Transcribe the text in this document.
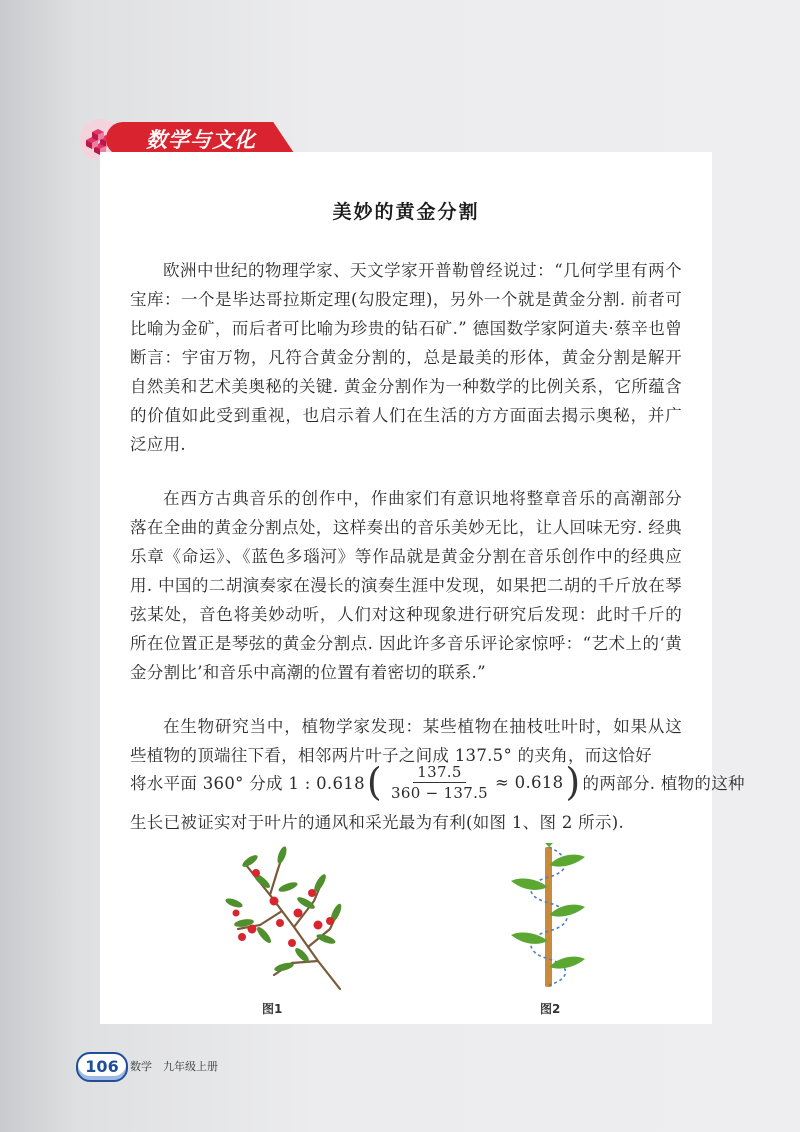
数学与文化
美妙的黄金分割

欧洲中世纪的物理学家、天文学家开普勒曾经说过：“几何学里有两个宝库：一个是毕达哥拉斯定理(勾股定理)，另外一个就是黄金分割. 前者可比喻为金矿，而后者可比喻为珍贵的钻石矿.” 德国数学家阿道夫·蔡辛也曾断言：宇宙万物，凡符合黄金分割的，总是最美的形体，黄金分割是解开自然美和艺术美奥秘的关键. 黄金分割作为一种数学的比例关系，它所蕴含的价值如此受到重视，也启示着人们在生活的方方面面去揭示奥秘，并广泛应用.

在西方古典音乐的创作中，作曲家们有意识地将整章音乐的高潮部分落在全曲的黄金分割点处，这样奏出的音乐美妙无比，让人回味无穷. 经典乐章《命运》、《蓝色多瑙河》等作品就是黄金分割在音乐创作中的经典应用. 中国的二胡演奏家在漫长的演奏生涯中发现，如果把二胡的千斤放在琴弦某处，音色将美妙动听，人们对这种现象进行研究后发现：此时千斤的所在位置正是琴弦的黄金分割点. 因此许多音乐评论家惊呼：“艺术上的‘黄金分割比’和音乐中高潮的位置有着密切的联系.”

在生物研究当中，植物学家发现：某些植物在抽枝吐叶时，如果从这些植物的顶端往下看，相邻两片叶子之间成 137.5° 的夹角，而这恰好

将水平面 360° 分成 1 : 0.618 ( $\frac{137.5}{360 - 137.5} \approx 0.618$ ) 的两部分. 植物的这种

生长已被证实对于叶片的通风和采光最为有利(如图 1、图 2 所示).

图1	图2
106	数学　九年级上册
